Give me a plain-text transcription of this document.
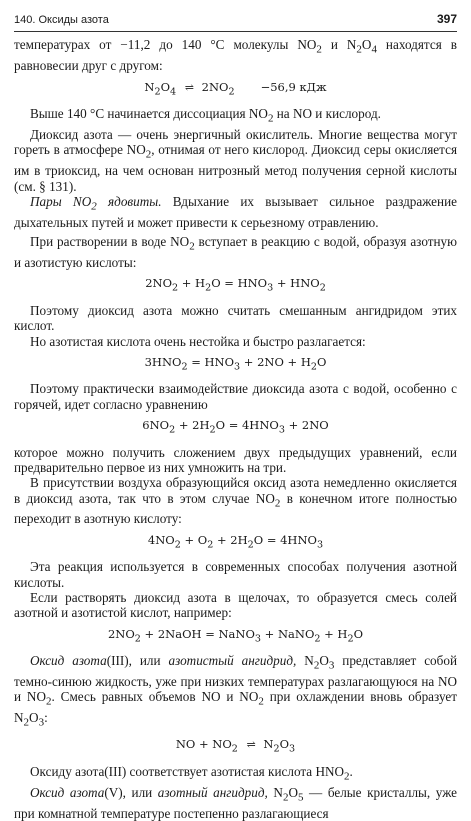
140. Оксиды азота	397

температурах от −11,2 до 140 °C молекулы $NO_2$ и $N_2O_4$ находятся в равновесии друг с другом:

$N_2O_4$ ⇌ $2NO_2 -56,9$ кДж

Выше 140 °C начинается диссоциация $NO_2$ на NO и кислород.

Диоксид азота — очень энергичный окислитель. Многие вещества могут гореть в атмосфере $NO_2$, отнимая от него кислород. Диоксид серы окисляется им в триоксид, на чем основан нитрозный метод получения серной кислоты (см. § 131).

Пары $NO_2$ ядовиты. Вдыхание их вызывает сильное раздражение дыхательных путей и может привести к серьезному отравлению.

При растворении в воде $NO_2$ вступает в реакцию с водой, образуя азотную и азотистую кислоты:

$2NO_2 + H_2O = HNO_3 + HNO_2$

Поэтому диоксид азота можно считать смешанным ангидридом этих кислот.

Но азотистая кислота очень нестойка и быстро разлагается:

$3HNO_2 = HNO_3 + 2NO + H_2O$

Поэтому практически взаимодействие диоксида азота с водой, особенно с горячей, идет согласно уравнению

$6NO_2 + 2H_2O = 4HNO_3 + 2NO$

которое можно получить сложением двух предыдущих уравнений, если предварительно первое из них умножить на три.

В присутствии воздуха образующийся оксид азота немедленно окисляется в диоксид азота, так что в этом случае $NO_2$ в конечном итоге полностью переходит в азотную кислоту:

$4NO_2 + O_2 + 2H_2O = 4HNO_3$

Эта реакция используется в современных способах получения азотной кислоты.

Если растворять диоксид азота в щелочах, то образуется смесь солей азотной и азотистой кислот, например:

$2NO_2$ + 2NaOH = NaNO$_3$ + NaNO$_2$ + $H_2O$

Оксид азота(III), или азотистый ангидрид, $N_2O_3$ представляет собой темно-синюю жидкость, уже при низких температурах разлагающуюся на NO и $NO_2$. Смесь равных объемов NO и $NO_2$ при охлаждении вновь образует $N_2O_3$:

NO + $NO_2$ ⇌ $N_2O_3$

Оксиду азота(III) соответствует азотистая кислота $HNO_2$.

Оксид азота(V), или азотный ангидрид, $N_2O_5$ — белые кристаллы, уже при комнатной температуре постепенно разлагающиеся
